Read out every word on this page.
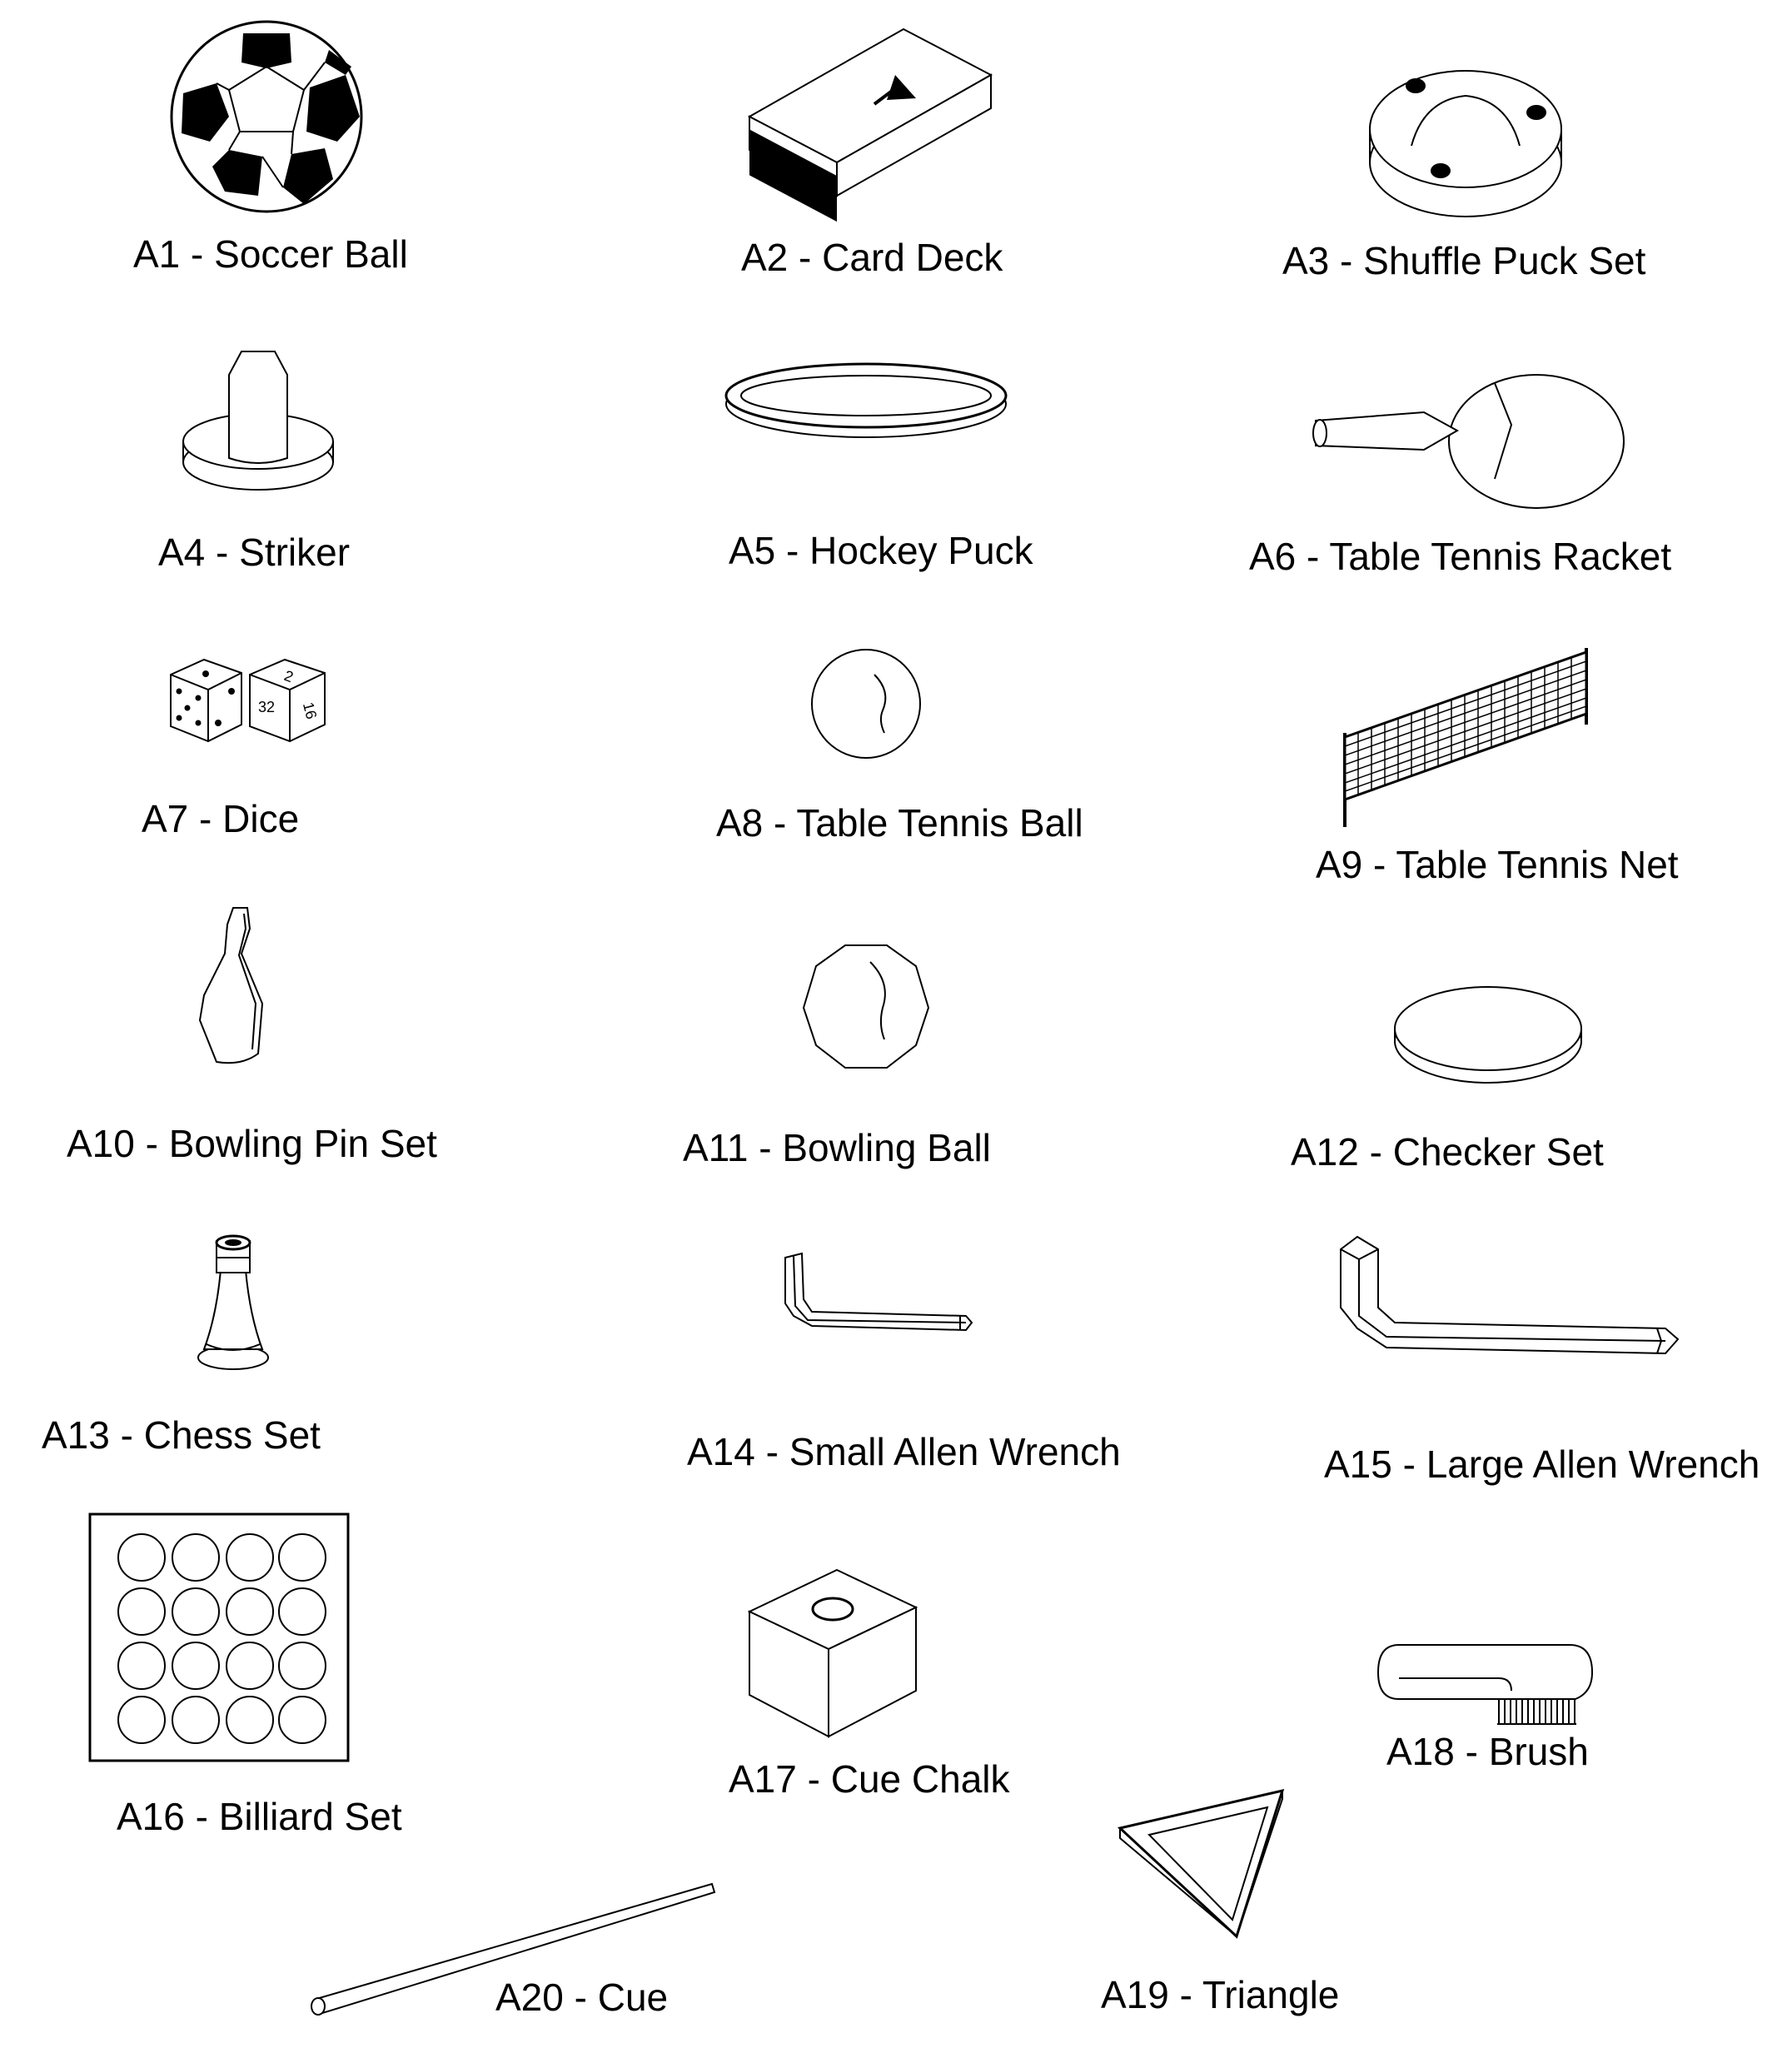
A1 - Soccer Ball	A2 - Card Deck	A3 - Shuffle Puck Set
A4 - Striker	A5 - Hockey Puck	A6 - Table Tennis Racket
2
32 16
A7 - Dice	A8 - Table Tennis Ball
A9 - Table Tennis Net
A10 - Bowling Pin Set	A11 - Bowling Ball	A12 - Checker Set
A13 - Chess Set	A14 - Small Allen Wrench	A15 - Large Allen Wrench
A16 - Billiard Set
A17 - Cue Chalk
A18 - Brush
A19 - Triangle
A20 - Cue
